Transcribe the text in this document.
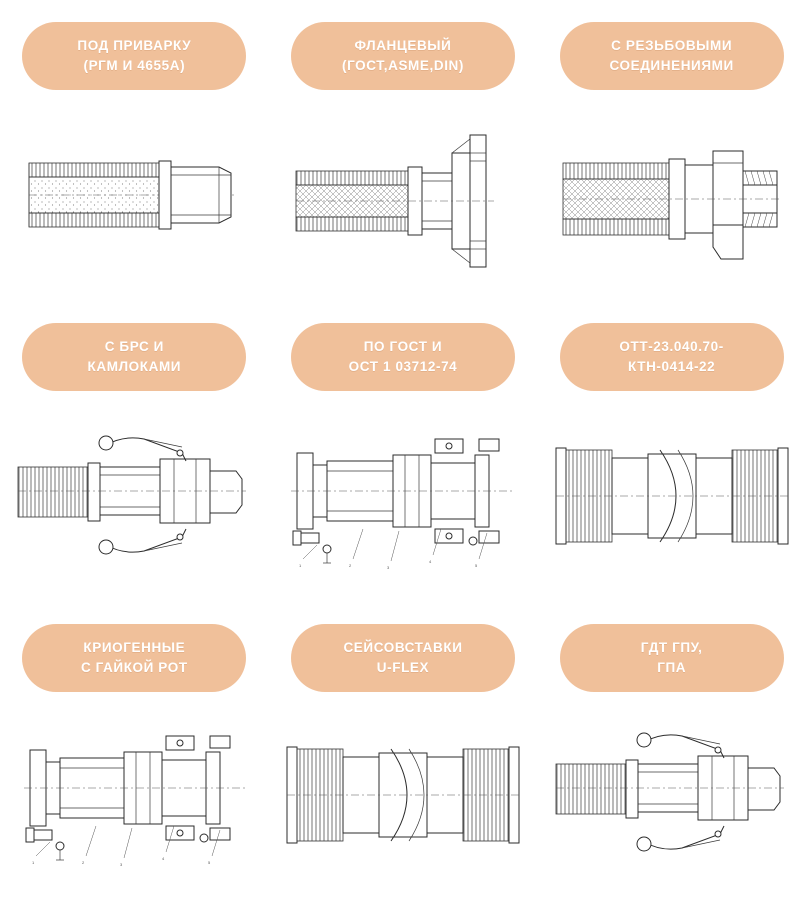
ПОД ПРИВАРКУ
(РГМ И 4655А)
ФЛАНЦЕВЫЙ
(ГОСТ,ASME,DIN)
С РЕЗЬБОВЫМИ
СОЕДИНЕНИЯМИ
С БРС И
КАМЛОКАМИ
ПО ГОСТ И
ОСТ 1 03712-74
1	2	3
4
5
ОТТ-23.040.70-
КТН-0414-22
КРИОГЕННЫЕ
С ГАЙКОЙ РОТ
1	2	3
4
5
СЕЙСОВСТАВКИ
U-FLEX
ГДТ ГПУ,
ГПА
